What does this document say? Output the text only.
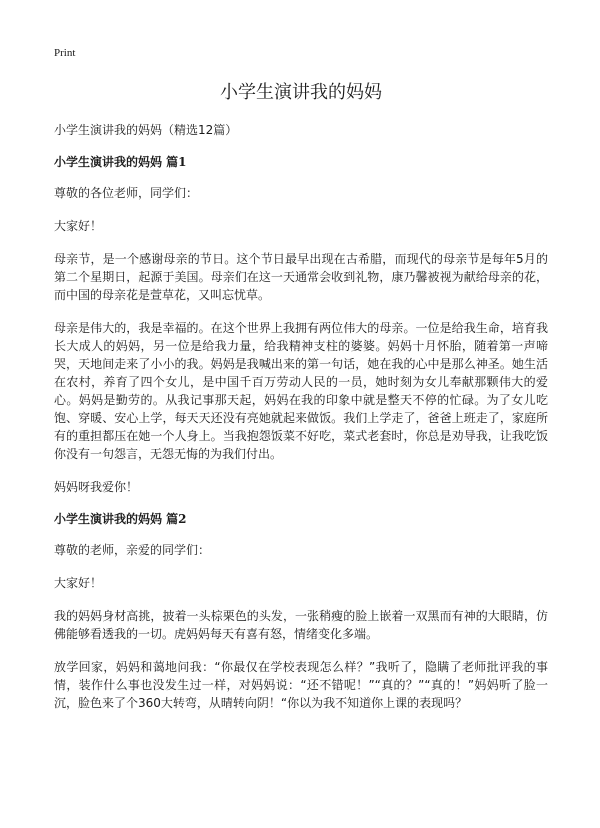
Print
小学生演讲我的妈妈
小学生演讲我的妈妈（精选12篇）
小学生演讲我的妈妈 篇1

尊敬的各位老师，同学们：

大家好！

母亲节，是一个感谢母亲的节日。这个节日最早出现在古希腊，而现代的母亲节是每年5月的第二个星期日，起源于美国。母亲们在这一天通常会收到礼物，康乃馨被视为献给母亲的花，而中国的母亲花是萱草花，又叫忘忧草。

母亲是伟大的，我是幸福的。在这个世界上我拥有两位伟大的母亲。一位是给我生命，培育我长大成人的妈妈，另一位是给我力量，给我精神支柱的婆婆。妈妈十月怀胎，随着第一声啼哭，天地间走来了小小的我。妈妈是我喊出来的第一句话，她在我的心中是那么神圣。她生活在农村，养育了四个女儿，是中国千百万劳动人民的一员，她时刻为女儿奉献那颗伟大的爱心。妈妈是勤劳的。从我记事那天起，妈妈在我的印象中就是整天不停的忙碌。为了女儿吃饱、穿暖、安心上学，每天天还没有亮她就起来做饭。我们上学走了，爸爸上班走了，家庭所有的重担都压在她一个人身上。当我抱怨饭菜不好吃，菜式老套时，你总是劝导我，让我吃饭你没有一句怨言，无怨无悔的为我们付出。

妈妈呀我爱你！

小学生演讲我的妈妈 篇2

尊敬的老师，亲爱的同学们：

大家好！

我的妈妈身材高挑，披着一头棕栗色的头发，一张稍瘦的脸上嵌着一双黑而有神的大眼睛，仿佛能够看透我的一切。虎妈妈每天有喜有怒，情绪变化多端。

放学回家，妈妈和蔼地问我：“你最仅在学校表现怎么样？”我听了，隐瞒了老师批评我的事情，装作什么事也没发生过一样，对妈妈说：“还不错呢！”“真的？”“真的！”妈妈听了脸一沉，脸色来了个360大转弯，从晴转向阴！“你以为我不知道你上课的表现吗？
